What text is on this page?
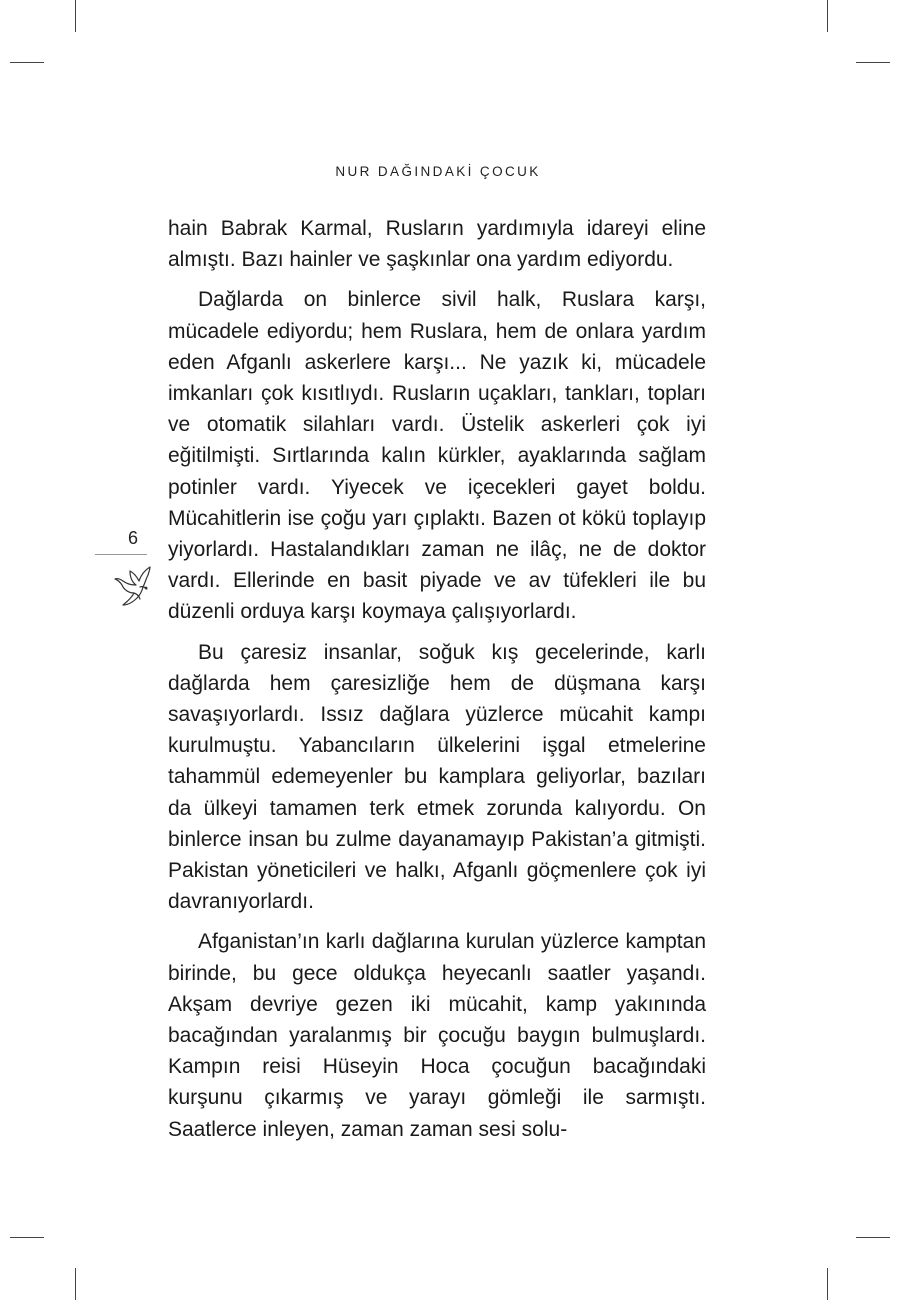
NUR DAĞINDAKİ ÇOCUK

6

hain Babrak Karmal, Rusların yardımıyla idareyi eline almıştı. Bazı hainler ve şaşkınlar ona yardım ediyordu.

Dağlarda on binlerce sivil halk, Ruslara karşı, mücadele ediyordu; hem Ruslara, hem de onlara yardım eden Afganlı askerlere karşı... Ne yazık ki, mücadele imkanları çok kısıtlıydı. Rusların uçakları, tankları, topları ve otomatik silahları vardı. Üstelik askerleri çok iyi eğitilmişti. Sırtlarında kalın kürkler, ayaklarında sağlam potinler vardı. Yiyecek ve içecekleri gayet boldu. Mücahitlerin ise çoğu yarı çıplaktı. Bazen ot kökü toplayıp yiyorlardı. Hastalandıkları zaman ne ilâç, ne de doktor vardı. Ellerinde en basit piyade ve av tüfekleri ile bu düzenli orduya karşı koymaya çalışıyorlardı.

Bu çaresiz insanlar, soğuk kış gecelerinde, karlı dağlarda hem çaresizliğe hem de düşmana karşı savaşıyorlardı. Issız dağlara yüzlerce mücahit kampı kurulmuştu. Yabancıların ülkelerini işgal etmelerine tahammül edemeyenler bu kamplara geliyorlar, bazıları da ülkeyi tamamen terk etmek zorunda kalıyordu. On binlerce insan bu zulme dayanamayıp Pakistan’a gitmişti. Pakistan yöneticileri ve halkı, Afganlı göçmenlere çok iyi davranıyorlardı.

Afganistan’ın karlı dağlarına kurulan yüzlerce kamptan birinde, bu gece oldukça heyecanlı saatler yaşandı. Akşam devriye gezen iki mücahit, kamp yakınında bacağından yaralanmış bir çocuğu baygın bulmuşlardı. Kampın reisi Hüseyin Hoca çocuğun bacağındaki kurşunu çıkarmış ve yarayı gömleği ile sarmıştı. Saatlerce inleyen, zaman zaman sesi solu-
